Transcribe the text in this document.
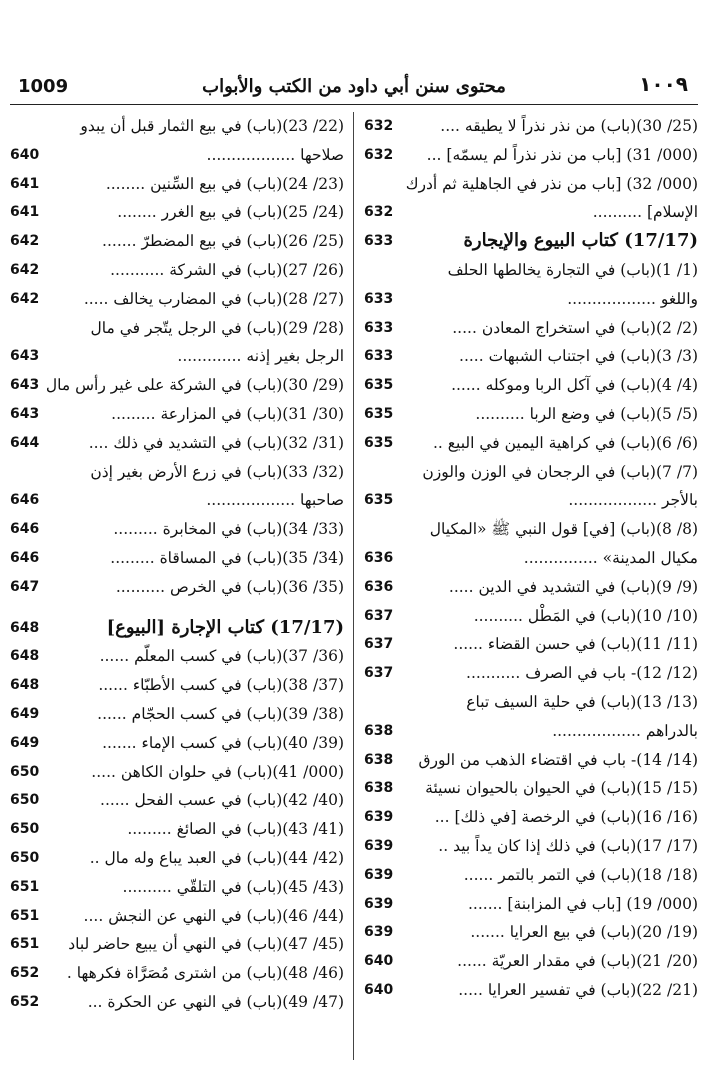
1009	محتوى سنن أبي داود من الكتب والأبواب	١٠٠٩
(25/ 30)(باب) من نذر نذراً لا يطيقه ....
632
(000/ 31) [باب من نذر نذراً لم يسمّه] ...
632
(000/ 32) [باب من نذر في الجاهلية ثم أدرك
الإسلام] ..........
632
(17/17) كتاب البيوع والإيجارة
633
(1/ 1)(باب) في التجارة يخالطها الحلف
واللغو ..................
633
(2/ 2)(باب) في استخراج المعادن .....
633
(3/ 3)(باب) في اجتناب الشبهات .....
633
(4/ 4)(باب) في آكل الربا وموكله ......
635
(5/ 5)(باب) في وضع الربا ..........
635
(6/ 6)(باب) في كراهية اليمين في البيع ..
635
(7/ 7)(باب) في الرجحان في الوزن والوزن
بالأجر ..................
635
(8/ 8)(باب) [في] قول النبي ﷺ «المكيال
مكيال المدينة» ...............
636
(9/ 9)(باب) في التشديد في الدين .....
636
(10/ 10)(باب) في المَطْل ..........
637
(11/ 11)(باب) في حسن القضاء ......
637
(12/ 12)- باب في الصرف ...........
637
(13/ 13)(باب) في حلية السيف تباع
بالدراهم ..................
638
(14/ 14)- باب في اقتضاء الذهب من الورق
638
(15/ 15)(باب) في الحيوان بالحيوان نسيئة
638
(16/ 16)(باب) في الرخصة [في ذلك] ...
639
(17/ 17)(باب) في ذلك إذا كان يداً بيد ..
639
(18/ 18)(باب) في التمر بالتمر ......
639
(000/ 19) [باب في المزابنة] .......
639
(19/ 20)(باب) في بيع العرايا .......
639
(20/ 21)(باب) في مقدار العريّة ......
640
(21/ 22)(باب) في تفسير العرايا .....
640
(22/ 23)(باب) في بيع الثمار قبل أن يبدو
صلاحها ..................
640
(23/ 24)(باب) في بيع السِّنين ........
641
(24/ 25)(باب) في بيع الغرر ........
641
(25/ 26)(باب) في بيع المضطرّ .......
642
(26/ 27)(باب) في الشركة ...........
642
(27/ 28)(باب) في المضارب يخالف .....
642
(28/ 29)(باب) في الرجل يتّجر في مال
الرجل بغير إذنه .............
643
(29/ 30)(باب) في الشركة على غير رأس مال
643
(30/ 31)(باب) في المزارعة .........
643
(31/ 32)(باب) في التشديد في ذلك ....
644
(32/ 33)(باب) في زرع الأرض بغير إذن
صاحبها ..................
646
(33/ 34)(باب) في المخابرة .........
646
(34/ 35)(باب) في المساقاة .........
646
(35/ 36)(باب) في الخرص ..........
647
(17/17) كتاب الإجارة [البيوع]
648
(36/ 37)(باب) في كسب المعلّم ......
648
(37/ 38)(باب) في كسب الأطبّاء ......
648
(38/ 39)(باب) في كسب الحجّام ......
649
(39/ 40)(باب) في كسب الإماء .......
649
(000/ 41)(باب) في حلوان الكاهن .....
650
(40/ 42)(باب) في عسب الفحل ......
650
(41/ 43)(باب) في الصائغ .........
650
(42/ 44)(باب) في العبد يباع وله مال ..
650
(43/ 45)(باب) في التلقّي ..........
651
(44/ 46)(باب) في النهي عن النجش ....
651
(45/ 47)(باب) في النهي أن يبيع حاضر لباد
651
(46/ 48)(باب) من اشترى مُصَرَّاة فكرهها .
652
(47/ 49)(باب) في النهي عن الحكرة ...
652
